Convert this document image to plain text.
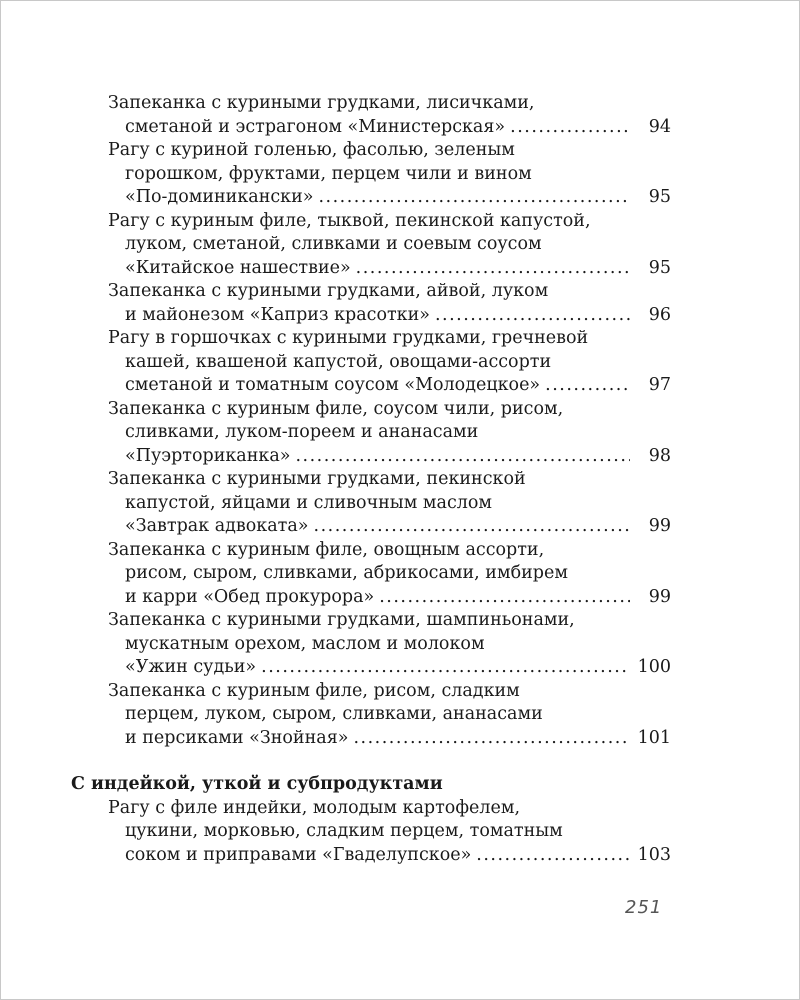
Запеканка с куриными грудками, лисичками,
сметаной и эстрагоном «Министерская» .....	94
Рагу с куриной голенью, фасолью, зеленым
горошком, фруктами, перцем чили и вином
«По-доминикански» .....	95
Рагу с куриным филе, тыквой, пекинской капустой,
луком, сметаной, сливками и соевым соусом
«Китайское нашествие» .....	95
Запеканка с куриными грудками, айвой, луком
и майонезом «Каприз красотки» .....	96
Рагу в горшочках с куриными грудками, гречневой
кашей, квашеной капустой, овощами-ассорти
сметаной и томатным соусом «Молодецкое» .....	97
Запеканка с куриным филе, соусом чили, рисом,
сливками, луком-пореем и ананасами
«Пуэрториканка» .....	98
Запеканка с куриными грудками, пекинской
капустой, яйцами и сливочным маслом
«Завтрак адвоката» .....	99
Запеканка с куриным филе, овощным ассорти,
рисом, сыром, сливками, абрикосами, имбирем
и карри «Обед прокурора» .....	99
Запеканка с куриными грудками, шампиньонами,
мускатным орехом, маслом и молоком
«Ужин судьи» .....	100
Запеканка с куриным филе, рисом, сладким
перцем, луком, сыром, сливками, ананасами
и персиками «Знойная» .....	101
С индейкой, уткой и субпродуктами
Рагу с филе индейки, молодым картофелем,
цукини, морковью, сладким перцем, томатным
соком и приправами «Гваделупское» .....	103
251
